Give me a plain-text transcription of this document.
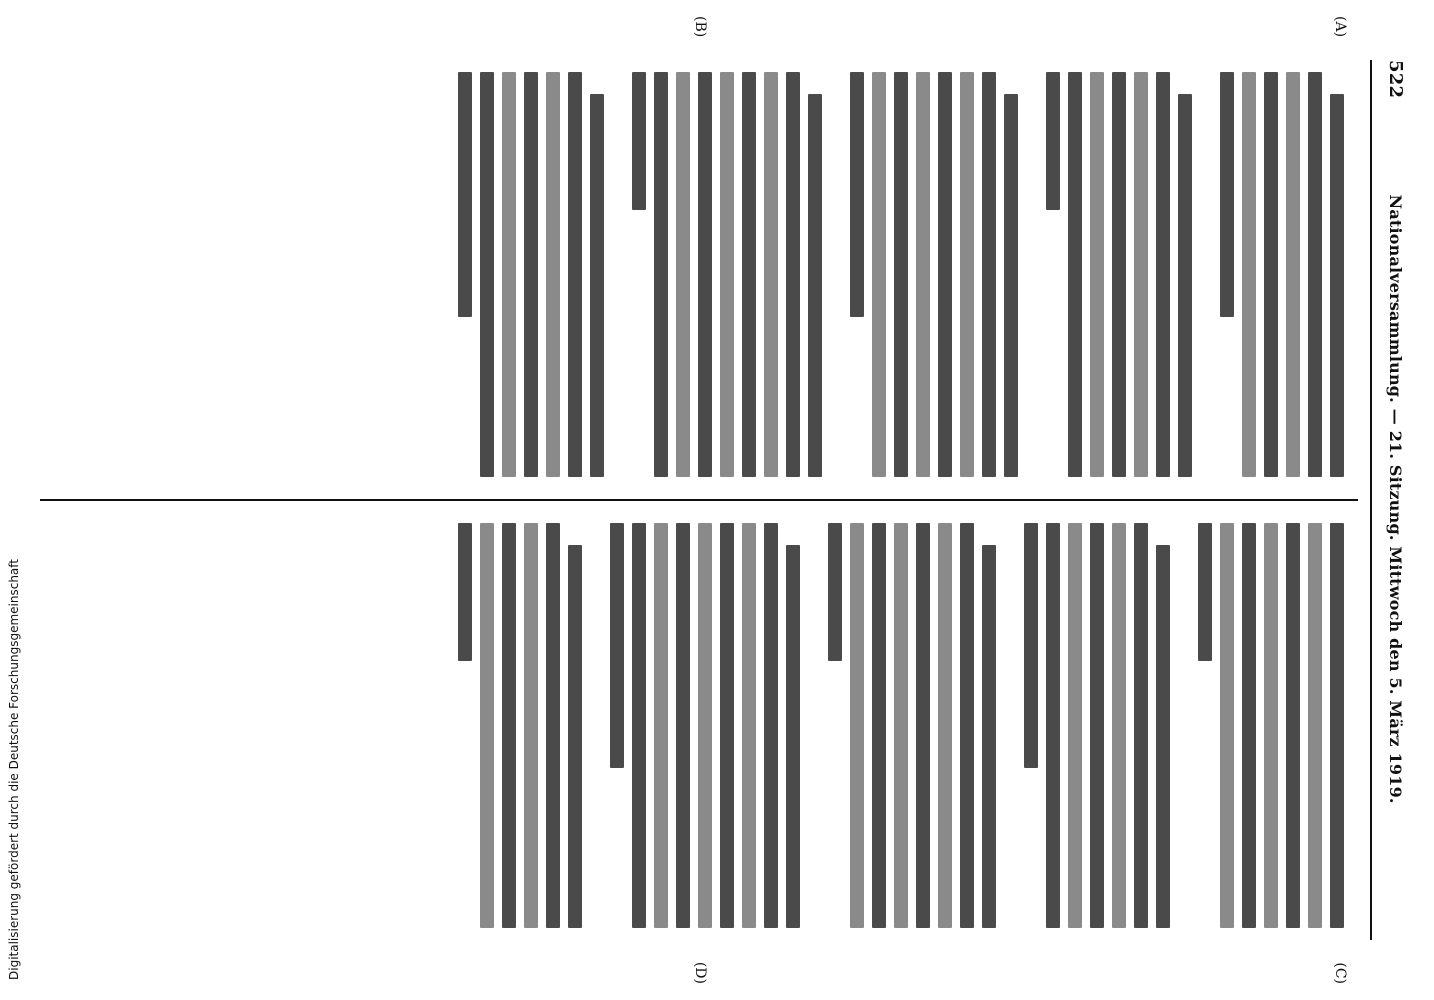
522
Nationalversammlung. — 21. Sitzung. Mittwoch den 5. März 1919.
(A)
(B)
(C)
(D)
Digitalisierung gefördert durch die Deutsche Forschungsgemeinschaft
